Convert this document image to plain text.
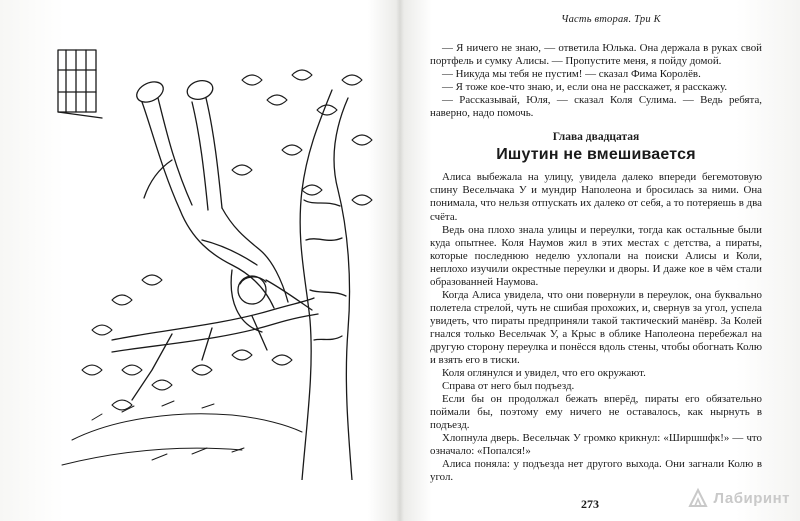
Часть вторая. Три К

— Я ничего не знаю, — ответила Юлька. Она держала в руках свой портфель и сумку Алисы. — Пропустите меня, я пойду домой.

— Никуда мы тебя не пустим! — сказал Фима Королёв.

— Я тоже кое-что знаю, и, если она не расскажет, я расскажу.

— Рассказывай, Юля, — сказал Коля Сулима. — Ведь ребята, наверно, надо помочь.

Глава двадцатая
Ишутин не вмешивается

Алиса выбежала на улицу, увидела далеко впереди бегемотовую спину Весельчака У и мундир Наполеона и бросилась за ними. Она понимала, что нельзя отпускать их далеко от себя, а то потеряешь в два счёта.

Ведь она плохо знала улицы и переулки, тогда как остальные были куда опытнее. Коля Наумов жил в этих местах с детства, а пираты, которые последнюю неделю ухлопали на поиски Алисы и Коли, неплохо изучили окрестные переулки и дворы. И даже кое в чём стали образованней Наумова.

Когда Алиса увидела, что они повернули в переулок, она буквально полетела стрелой, чуть не сшибая прохожих, и, свернув за угол, успела увидеть, что пираты предприняли такой тактический манёвр. За Колей гнался только Весельчак У, а Крыс в облике Наполеона перебежал на другую сторону переулка и понёсся вдоль стены, чтобы обогнать Колю и взять его в тиски.

Коля оглянулся и увидел, что его окружают.

Справа от него был подъезд.

Если бы он продолжал бежать вперёд, пираты его обязательно поймали бы, поэтому ему ничего не оставалось, как нырнуть в подъезд.

Хлопнула дверь. Весельчак У громко крикнул: «Ширшшфк!» — что означало: «Попался!»

Алиса поняла: у подъезда нет другого выхода. Они загнали Колю в угол.

273	Лабиринт
